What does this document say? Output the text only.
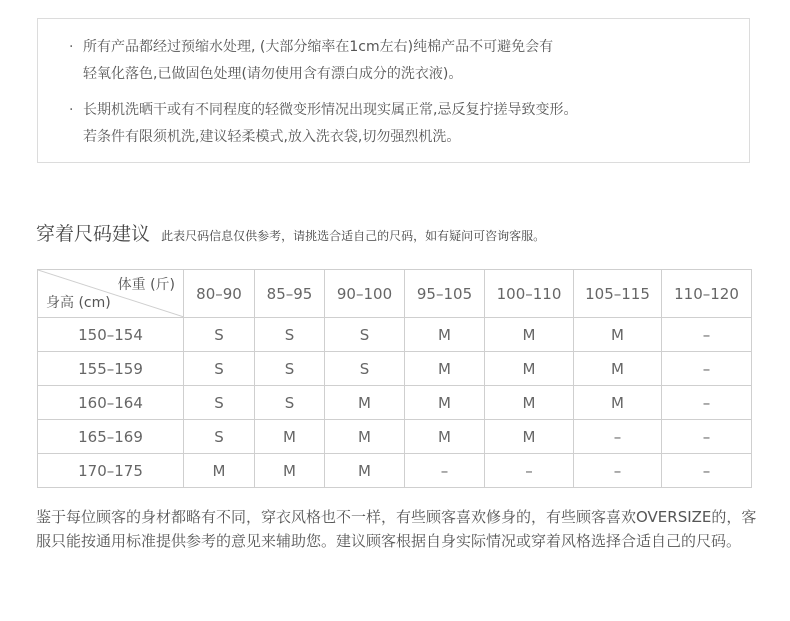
· 所有产品都经过预缩水处理, (大部分缩率在1cm左右)纯棉产品不可避免会有
轻氧化落色,已做固色处理(请勿使用含有漂白成分的洗衣液)。
· 长期机洗晒干或有不同程度的轻微变形情况出现实属正常,忌反复拧搓导致变形。
若条件有限须机洗,建议轻柔模式,放入洗衣袋,切勿强烈机洗。
穿着尺码建议 此表尺码信息仅供参考，请挑选合适自己的尺码，如有疑问可咨询客服。
体重 (斤)
身高 (cm)	80–90	85–95	90–100	95–105	100–110	105–115	110–120
150–154	S	S	S	M	M	M	–
155–159	S	S	S	M	M	M	–
160–164	S	S	M	M	M	M	–
165–169	S	M	M	M	M	–	–
170–175	M	M	M	–	–	–	–
鉴于每位顾客的身材都略有不同，穿衣风格也不一样，有些顾客喜欢修身的，有些顾客喜欢OVERSIZE的，客服只能按通用标准提供参考的意见来辅助您。建议顾客根据自身实际情况或穿着风格选择合适自己的尺码。
